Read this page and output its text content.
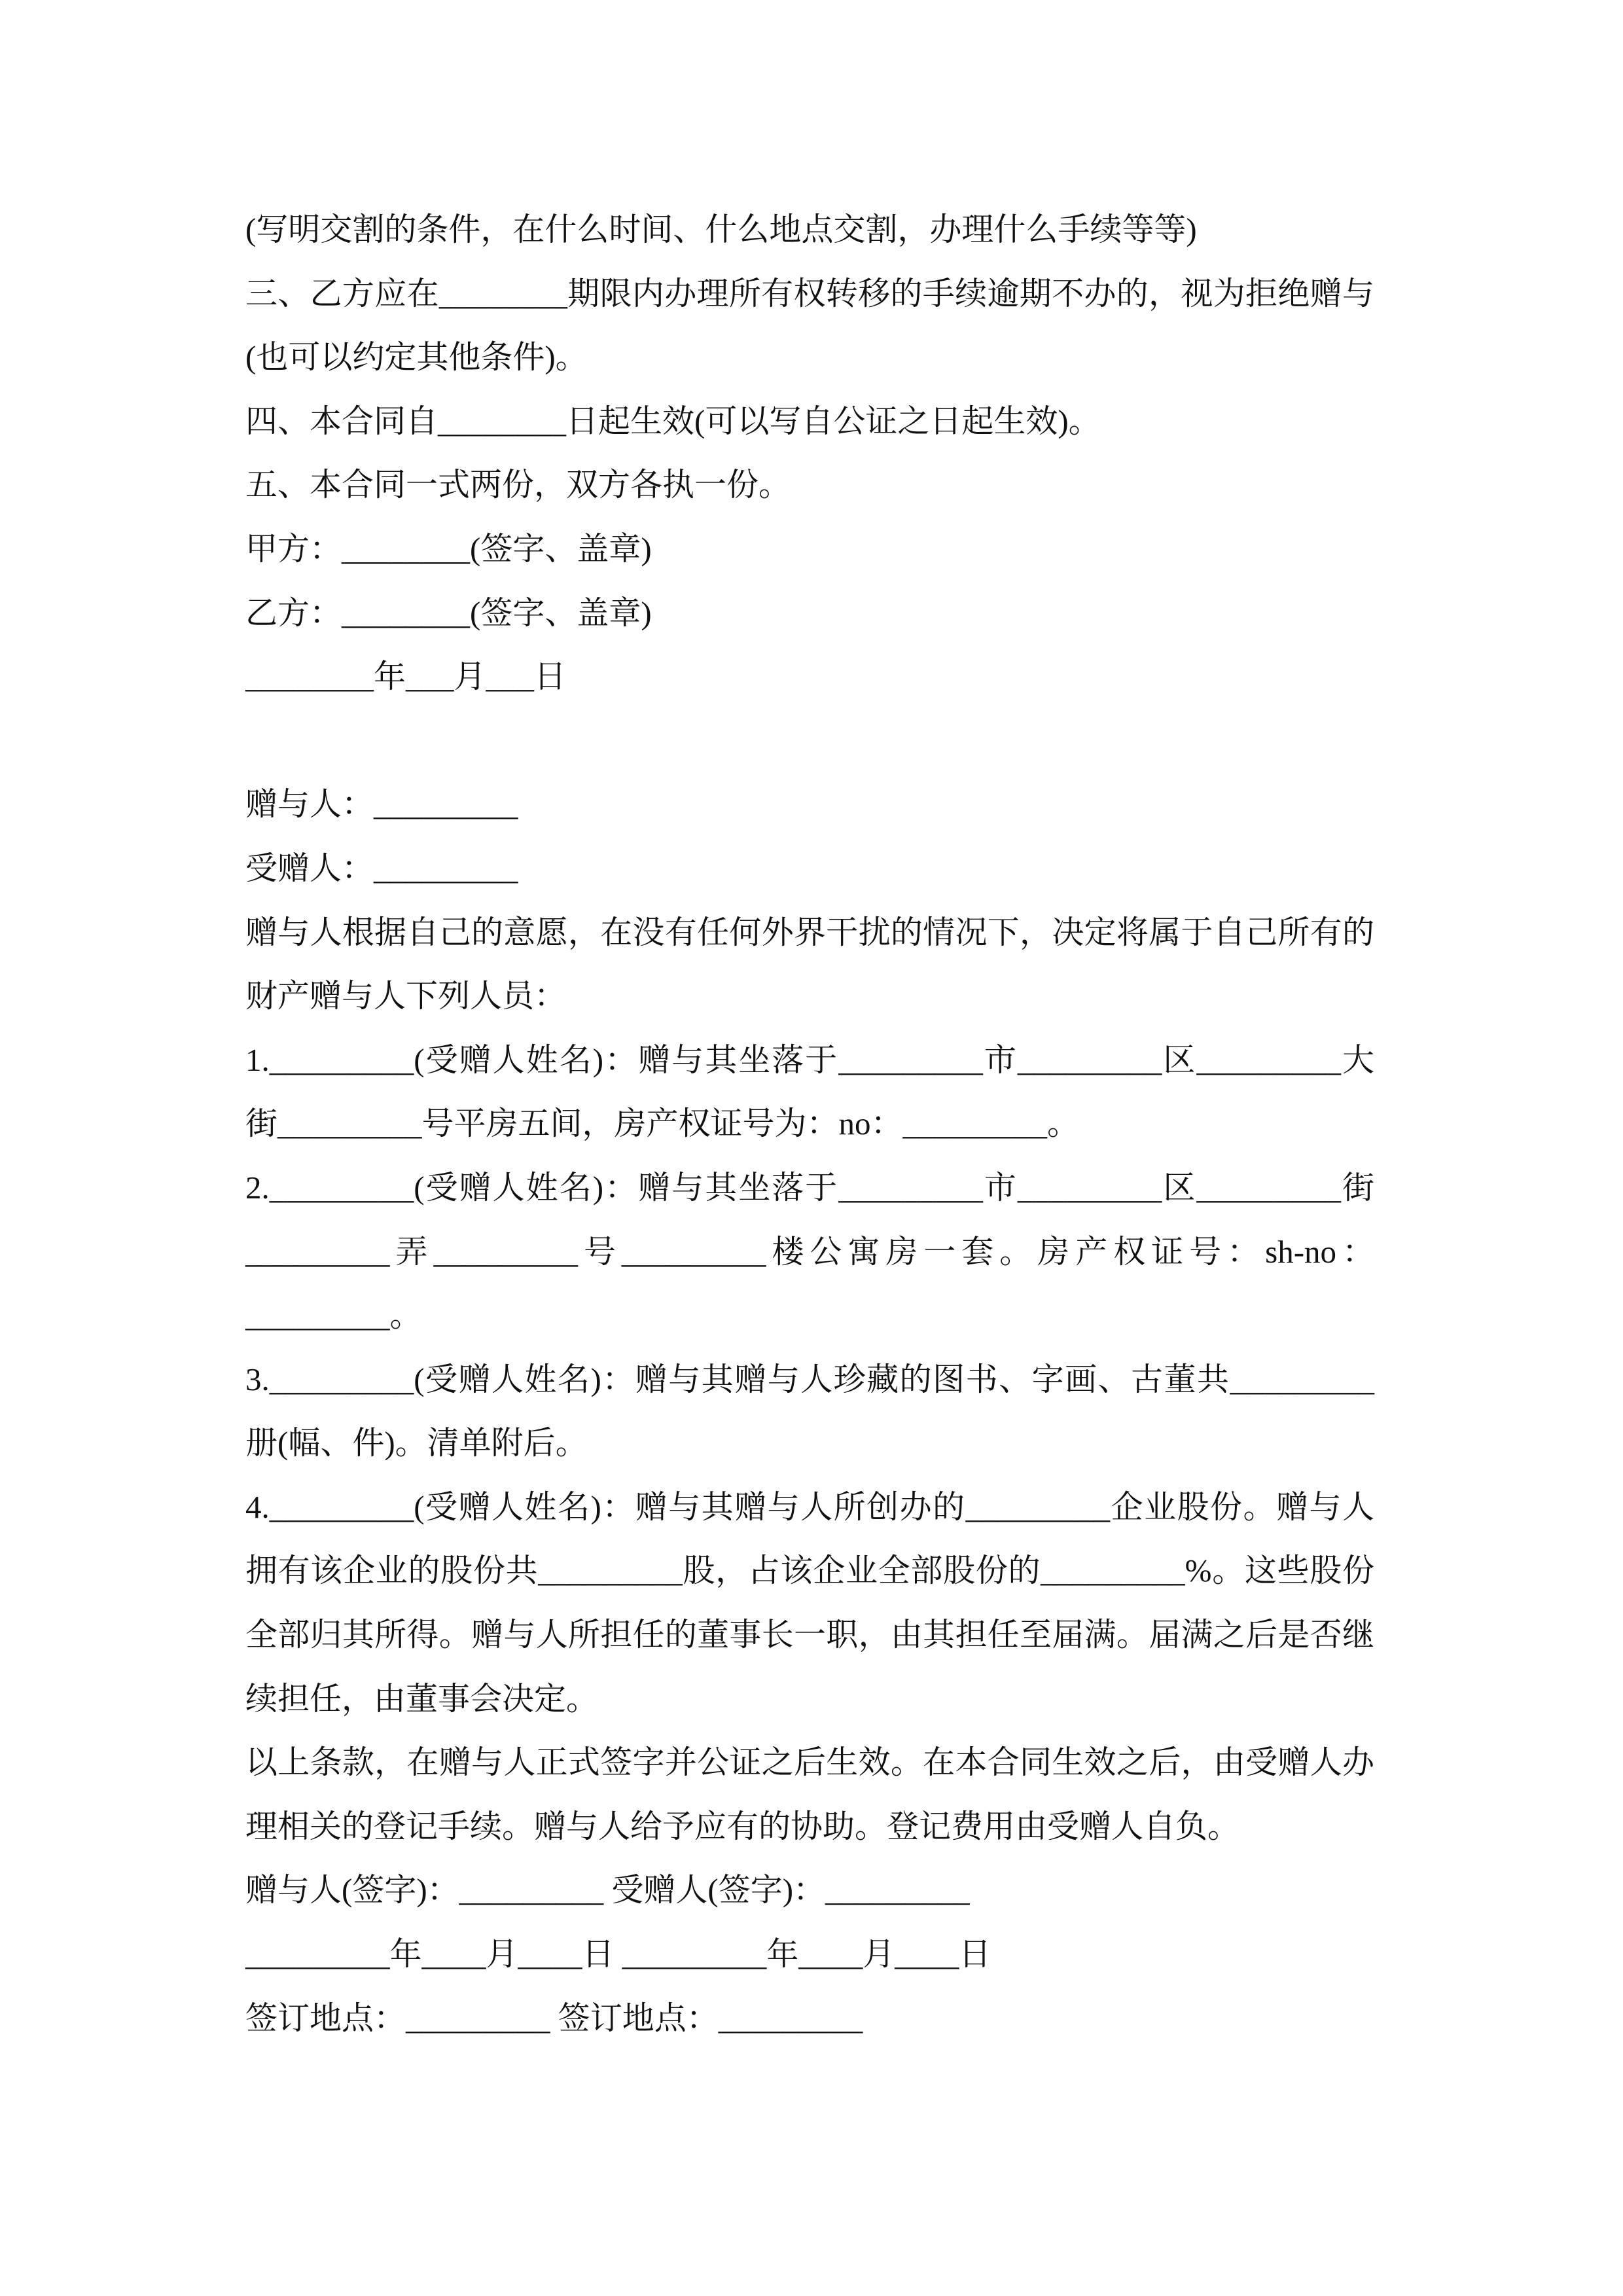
(写明交割的条件，在什么时间、什么地点交割，办理什么手续等等)
三、乙方应在________期限内办理所有权转移的手续逾期不办的，视为拒绝赠与
(也可以约定其他条件)。
四、本合同自________日起生效(可以写自公证之日起生效)。
五、本合同一式两份，双方各执一份。
甲方：________(签字、盖章)
乙方：________(签字、盖章)
________年___月___日
赠与人：_________
受赠人：_________
赠与人根据自己的意愿，在没有任何外界干扰的情况下，决定将属于自己所有的
财产赠与人下列人员：
1._________(受赠人姓名)：赠与其坐落于_________市_________区_________大
街_________号平房五间，房产权证号为：no：_________。
2._________(受赠人姓名)：赠与其坐落于_________市_________区_________街
_________弄_________号_________楼公寓房一套。房产权证号：sh-no：
_________。
3._________(受赠人姓名)：赠与其赠与人珍藏的图书、字画、古董共_________
册(幅、件)。清单附后。
4._________(受赠人姓名)：赠与其赠与人所创办的_________企业股份。赠与人
拥有该企业的股份共_________股，占该企业全部股份的_________%。这些股份
全部归其所得。赠与人所担任的董事长一职，由其担任至届满。届满之后是否继
续担任，由董事会决定。
以上条款，在赠与人正式签字并公证之后生效。在本合同生效之后，由受赠人办
理相关的登记手续。赠与人给予应有的协助。登记费用由受赠人自负。
赠与人(签字)：_________ 受赠人(签字)：_________
_________年____月____日 _________年____月____日
签订地点：_________ 签订地点：_________
